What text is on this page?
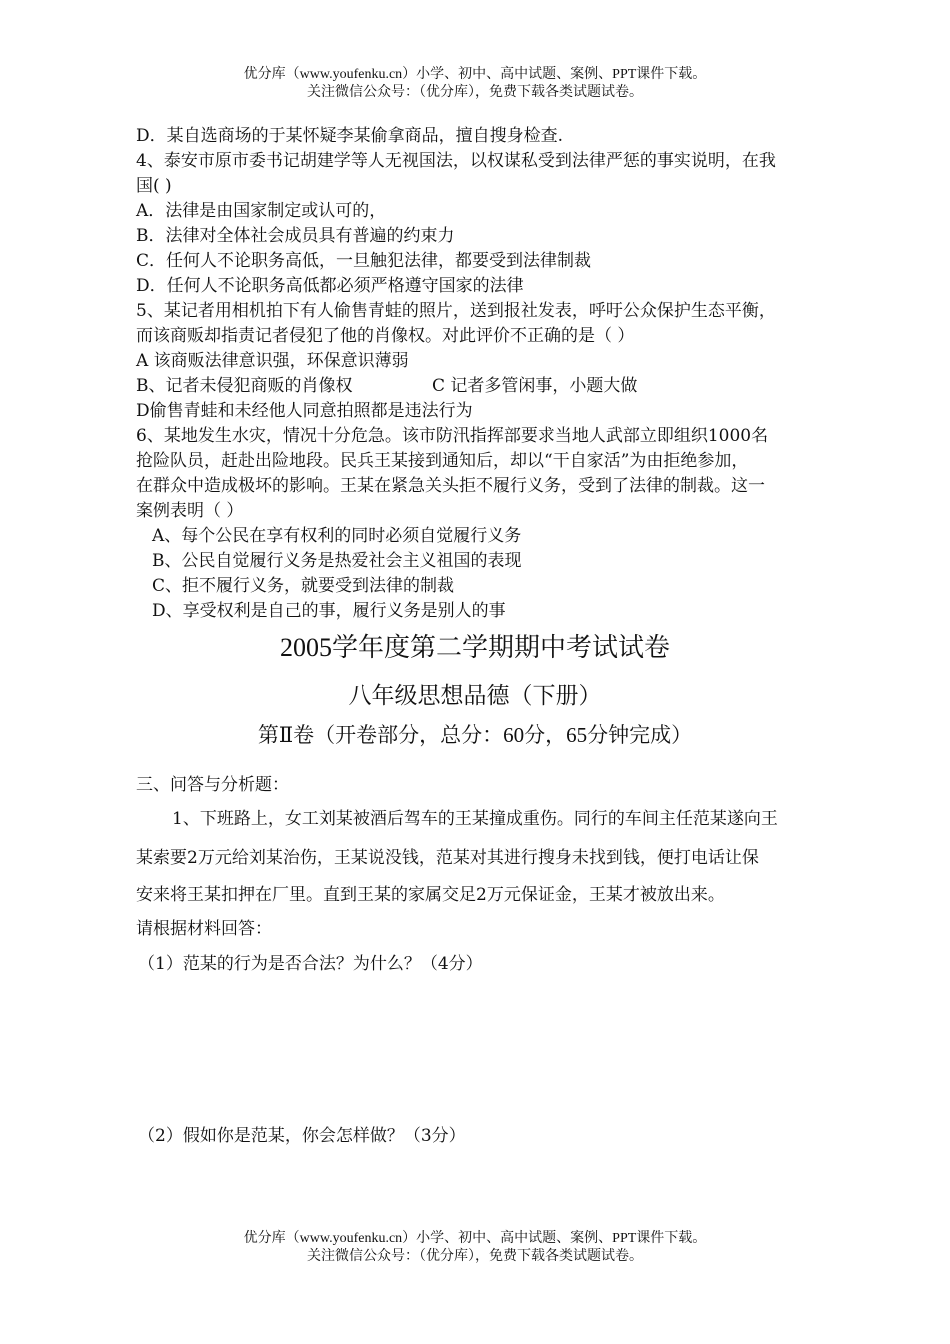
优分库（www.youfenku.cn）小学、初中、高中试题、案例、PPT课件下载。
关注微信公众号：（优分库），免费下载各类试题试卷。
D．某自选商场的于某怀疑李某偷拿商品，擅自搜身检查.
4、泰安市原市委书记胡建学等人无视国法，以权谋私受到法律严惩的事实说明，在我
国( )
A．法律是由国家制定或认可的，
B．法律对全体社会成员具有普遍的约束力
C．任何人不论职务高低，一旦触犯法律，都要受到法律制裁
D．任何人不论职务高低都必须严格遵守国家的法律
5、某记者用相机拍下有人偷售青蛙的照片，送到报社发表，呼吁公众保护生态平衡，
而该商贩却指责记者侵犯了他的肖像权。对此评价不正确的是（ ）
A 该商贩法律意识强，环保意识薄弱
B、记者未侵犯商贩的肖像权	C 记者多管闲事，小题大做
D偷售青蛙和未经他人同意拍照都是违法行为
6、某地发生水灾，情况十分危急。该市防汛指挥部要求当地人武部立即组织1000名
抢险队员，赶赴出险地段。民兵王某接到通知后，却以“干自家活”为由拒绝参加，
在群众中造成极坏的影响。王某在紧急关头拒不履行义务，受到了法律的制裁。这一
案例表明（ ）
A、每个公民在享有权利的同时必须自觉履行义务
B、公民自觉履行义务是热爱社会主义祖国的表现
C、拒不履行义务，就要受到法律的制裁
D、享受权利是自己的事，履行义务是别人的事
2005学年度第二学期期中考试试卷
八年级思想品德（下册）
第Ⅱ卷（开卷部分，总分：60分，65分钟完成）
三、问答与分析题：
1、下班路上，女工刘某被酒后驾车的王某撞成重伤。同行的车间主任范某遂向王
某索要2万元给刘某治伤，王某说没钱，范某对其进行搜身未找到钱，便打电话让保
安来将王某扣押在厂里。直到王某的家属交足2万元保证金，王某才被放出来。
请根据材料回答：
（1）范某的行为是否合法？为什么？（4分）
（2）假如你是范某，你会怎样做？（3分）
优分库（www.youfenku.cn）小学、初中、高中试题、案例、PPT课件下载。
关注微信公众号：（优分库），免费下载各类试题试卷。
